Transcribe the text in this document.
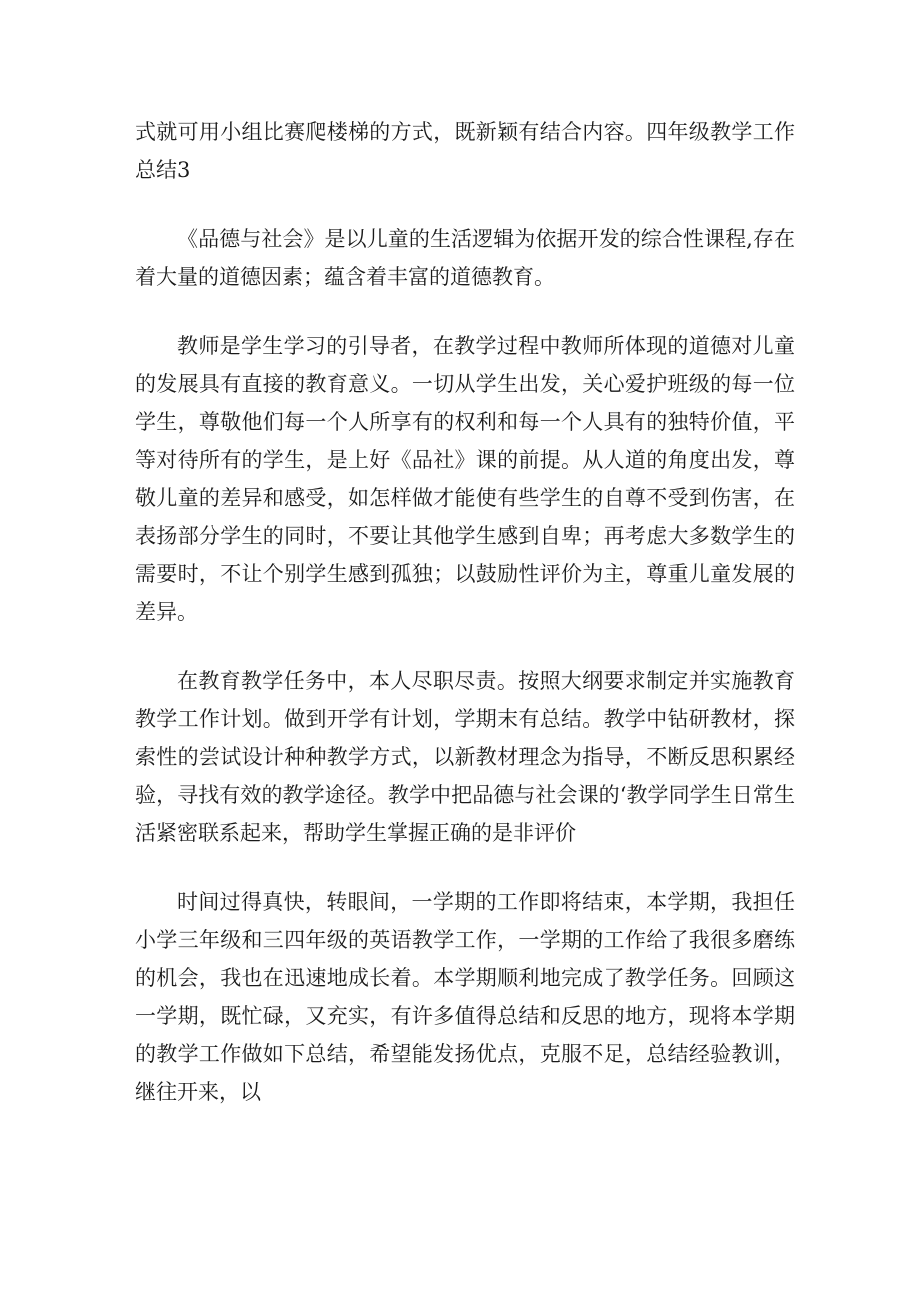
式就可用小组比赛爬楼梯的方式，既新颖有结合内容。四年级教学工作总结3

《品德与社会》是以儿童的生活逻辑为依据开发的综合性课程,存在着大量的道德因素；蕴含着丰富的道德教育。

教师是学生学习的引导者，在教学过程中教师所体现的道德对儿童的发展具有直接的教育意义。一切从学生出发，关心爱护班级的每一位学生，尊敬他们每一个人所享有的权利和每一个人具有的独特价值，平等对待所有的学生，是上好《品社》课的前提。从人道的角度出发，尊敬儿童的差异和感受，如怎样做才能使有些学生的自尊不受到伤害，在表扬部分学生的同时，不要让其他学生感到自卑；再考虑大多数学生的需要时，不让个别学生感到孤独；以鼓励性评价为主，尊重儿童发展的差异。

在教育教学任务中，本人尽职尽责。按照大纲要求制定并实施教育教学工作计划。做到开学有计划，学期末有总结。教学中钻研教材，探索性的尝试设计种种教学方式，以新教材理念为指导，不断反思积累经验，寻找有效的教学途径。教学中把品德与社会课的‘教学同学生日常生活紧密联系起来，帮助学生掌握正确的是非评价

时间过得真快，转眼间，一学期的工作即将结束，本学期，我担任小学三年级和三四年级的英语教学工作，一学期的工作给了我很多磨练的机会，我也在迅速地成长着。本学期顺利地完成了教学任务。回顾这一学期，既忙碌，又充实，有许多值得总结和反思的地方，现将本学期的教学工作做如下总结，希望能发扬优点，克服不足，总结经验教训，继往开来，以
